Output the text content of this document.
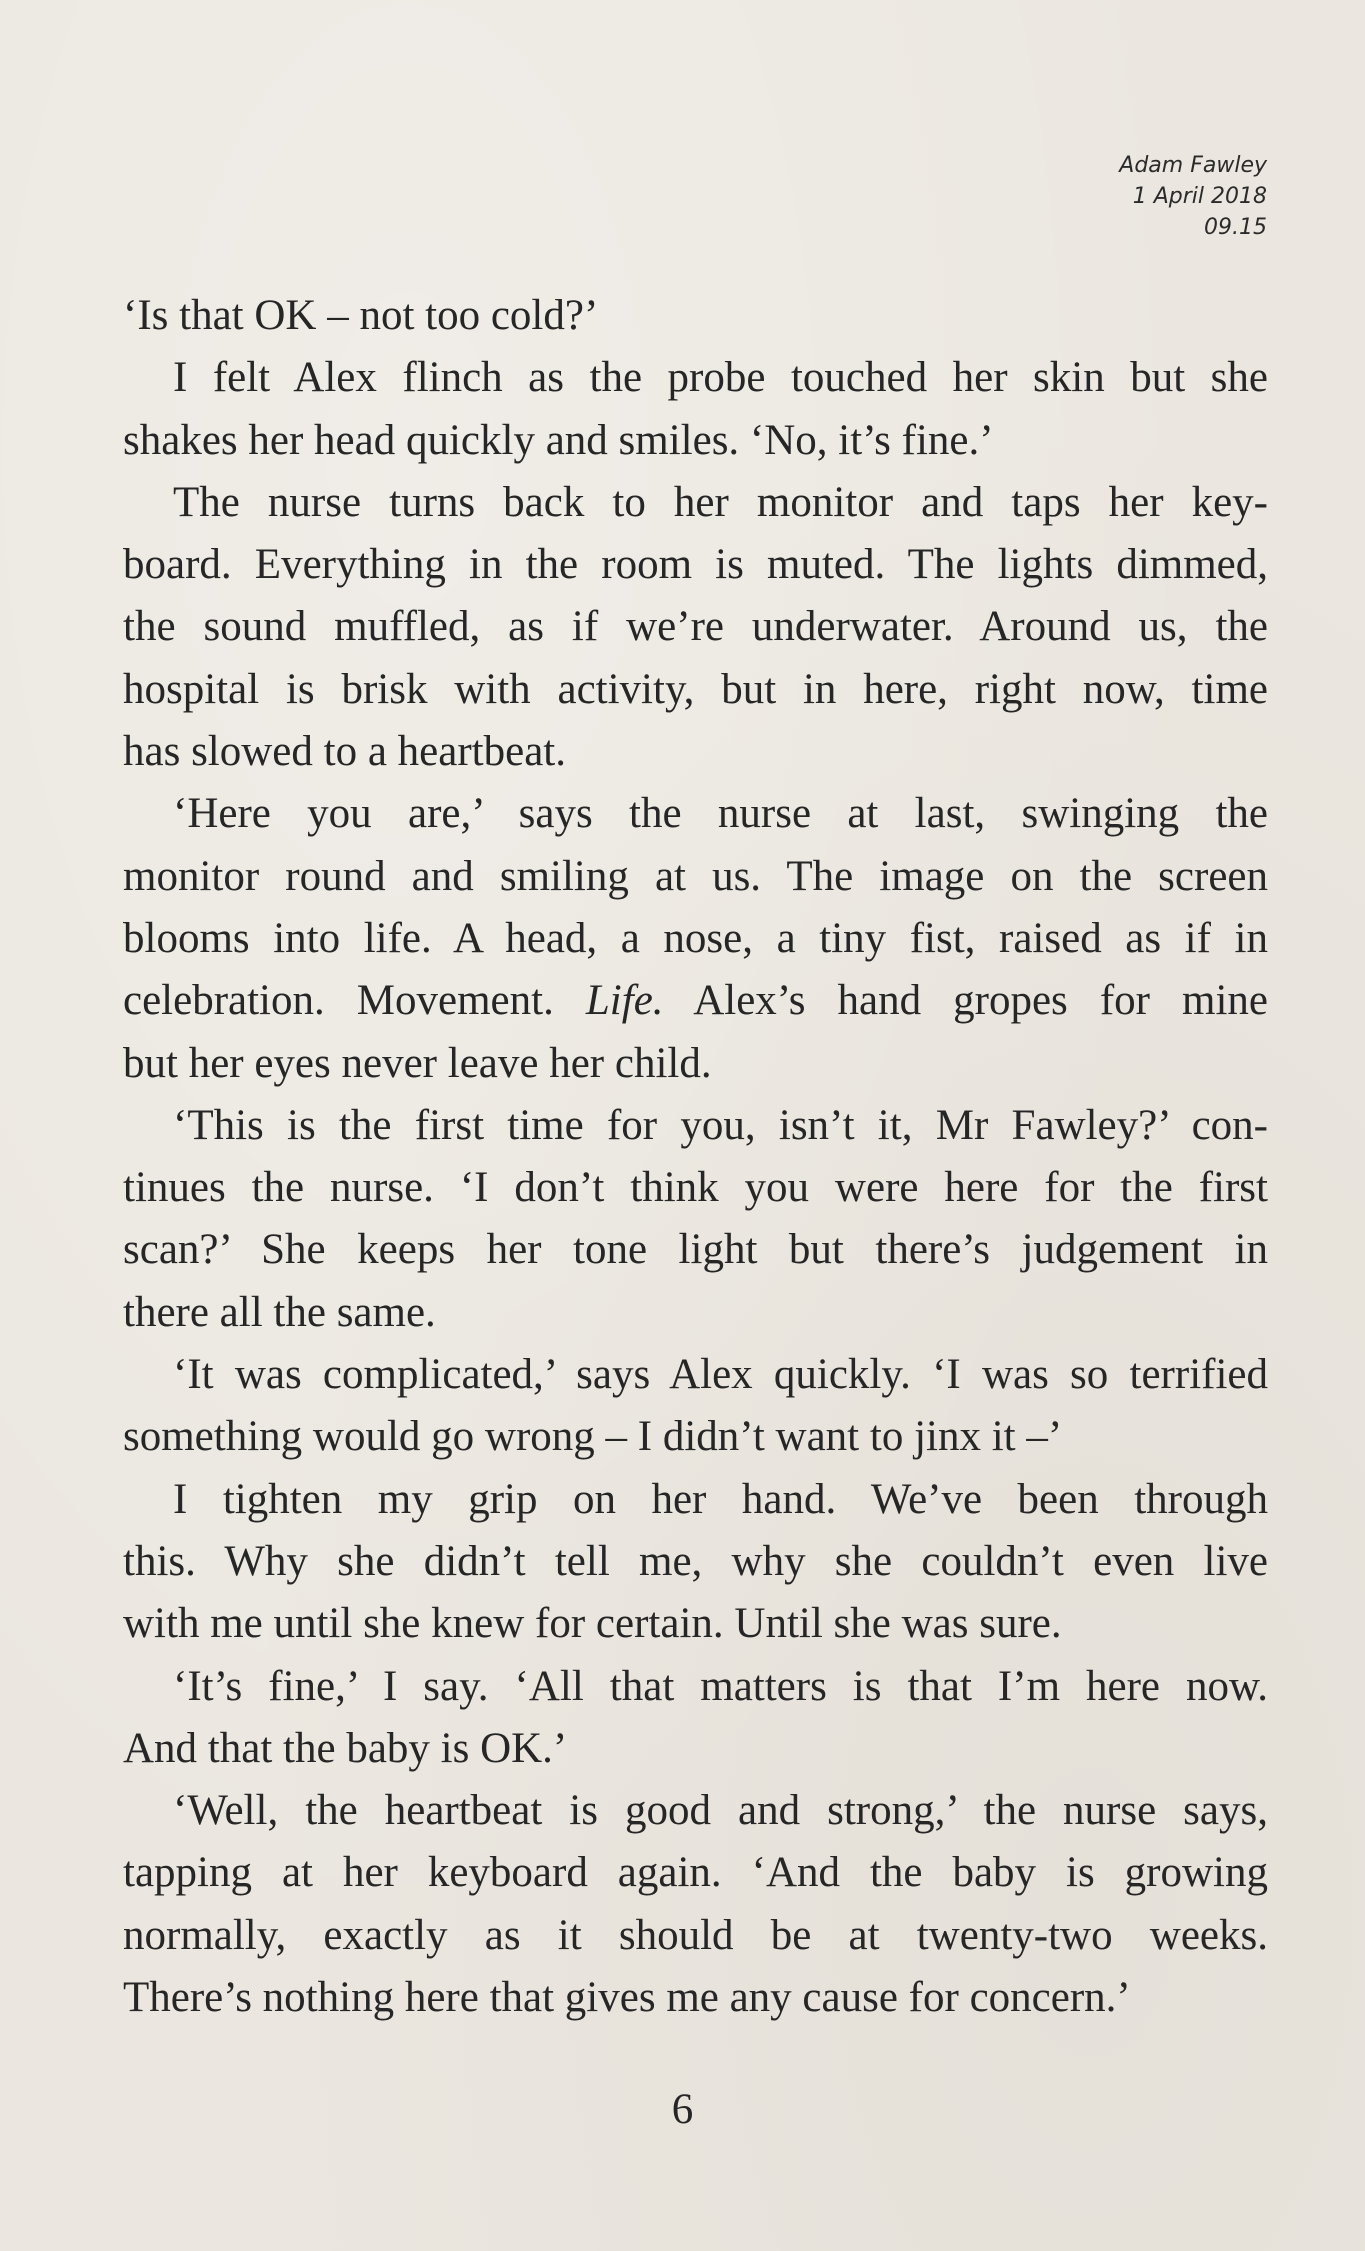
Adam Fawley
1 April 2018
09.15
‘Is that OK – not too cold?’
I felt Alex flinch as the probe touched her skin but she
shakes her head quickly and smiles. ‘No, it’s fine.’
The nurse turns back to her monitor and taps her key-
board. Everything in the room is muted. The lights dimmed,
the sound muffled, as if we’re underwater. Around us, the
hospital is brisk with activity, but in here, right now, time
has slowed to a heartbeat.
‘Here you are,’ says the nurse at last, swinging the
monitor round and smiling at us. The image on the screen
blooms into life. A head, a nose, a tiny fist, raised as if in
celebration. Movement. Life. Alex’s hand gropes for mine
but her eyes never leave her child.
‘This is the first time for you, isn’t it, Mr Fawley?’ con-
tinues the nurse. ‘I don’t think you were here for the first
scan?’ She keeps her tone light but there’s judgement in
there all the same.
‘It was complicated,’ says Alex quickly. ‘I was so terrified
something would go wrong – I didn’t want to jinx it –’
I tighten my grip on her hand. We’ve been through
this. Why she didn’t tell me, why she couldn’t even live
with me until she knew for certain. Until she was sure.
‘It’s fine,’ I say. ‘All that matters is that I’m here now.
And that the baby is OK.’
‘Well, the heartbeat is good and strong,’ the nurse says,
tapping at her keyboard again. ‘And the baby is growing
normally, exactly as it should be at twenty-two weeks.
There’s nothing here that gives me any cause for concern.’
6
